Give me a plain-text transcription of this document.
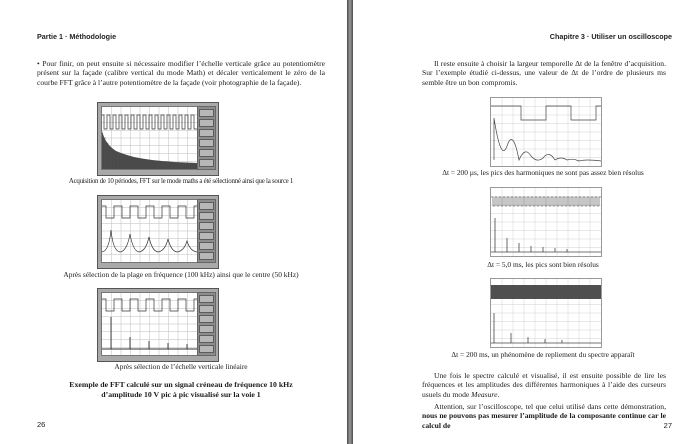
Partie 1 · Méthodologie
• Pour finir, on peut ensuite si nécessaire modifier l’échelle verticale grâce au potentiomètre présent sur la façade (calibre vertical du mode Math) et décaler verticalement le zéro de la courbe FFT grâce à l’autre potentiomètre de la façade (voir photographie de la façade).
Acquisition de 10 périodes, FFT sur le mode maths a été sélectionné ainsi que la source 1
Après sélection de la plage en fréquence (100 kHz) ainsi que le centre (50 kHz)
Après sélection de l’échelle verticale linéaire
Exemple de FFT calculé sur un signal créneau de fréquence 10 kHz
d’amplitude 10 V pic à pic visualisé sur la voie 1
26
Chapitre 3 · Utiliser un oscilloscope
Il reste ensuite à choisir la largeur temporelle Δt de la fenêtre d’acquisition. Sur l’exemple étudié ci-dessus, une valeur de Δt de l’ordre de plusieurs ms semble être un bon compromis.
Δt = 200 µs, les pics des harmoniques ne sont pas assez bien résolus
Δt = 5,0 ms, les pics sont bien résolus
Δt = 200 ms, un phénomène de repliement du spectre apparaît
Une fois le spectre calculé et visualisé, il est ensuite possible de lire les fréquences et les amplitudes des différentes harmoniques à l’aide des curseurs usuels du mode Measure.
Attention, sur l’oscilloscope, tel que celui utilisé dans cette démonstration, nous ne pouvons pas mesurer l’amplitude de la composante continue car le calcul de	27
